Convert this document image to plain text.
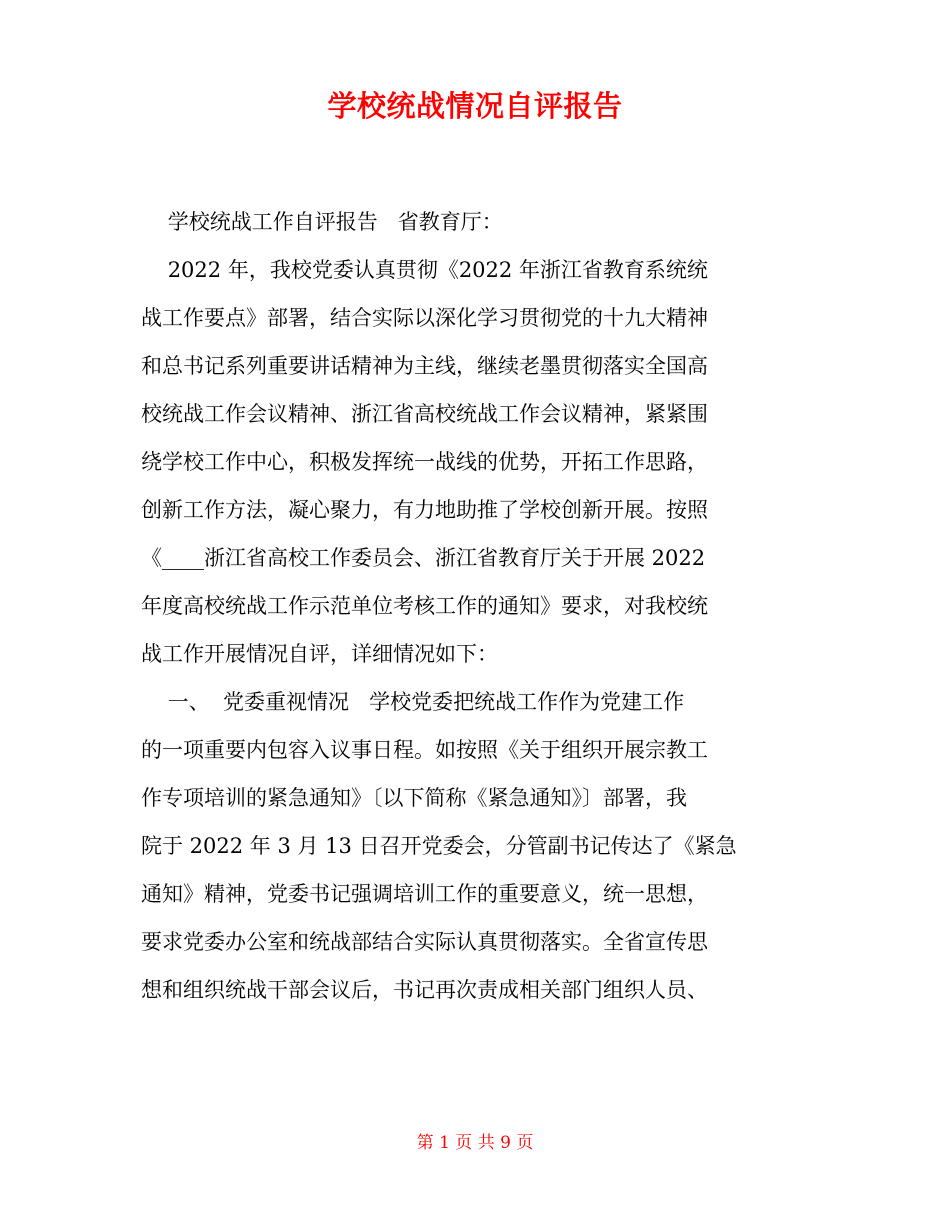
学校统战情况自评报告
学校统战工作自评报告   省教育厅：
2022 年，我校党委认真贯彻《2022 年浙江省教育系统统
战工作要点》部署，结合实际以深化学习贯彻党的十九大精神
和总书记系列重要讲话精神为主线，继续老墨贯彻落实全国高
校统战工作会议精神、浙江省高校统战工作会议精神，紧紧围
绕学校工作中心，积极发挥统一战线的优势，开拓工作思路，
创新工作方法，凝心聚力，有力地助推了学校创新开展。按照
《____浙江省高校工作委员会、浙江省教育厅关于开展 2022
年度高校统战工作示范单位考核工作的通知》要求，对我校统
战工作开展情况自评，详细情况如下：
一、  党委重视情况   学校党委把统战工作作为党建工作
的一项重要内包容入议事日程。如按照《关于组织开展宗教工
作专项培训的紧急通知》〔以下简称《紧急通知》〕部署，我
院于 2022 年 3 月 13 日召开党委会，分管副书记传达了《紧急
通知》精神，党委书记强调培训工作的重要意义，统一思想，
要求党委办公室和统战部结合实际认真贯彻落实。全省宣传思
想和组织统战干部会议后，书记再次责成相关部门组织人员、
第 1 页 共 9 页
